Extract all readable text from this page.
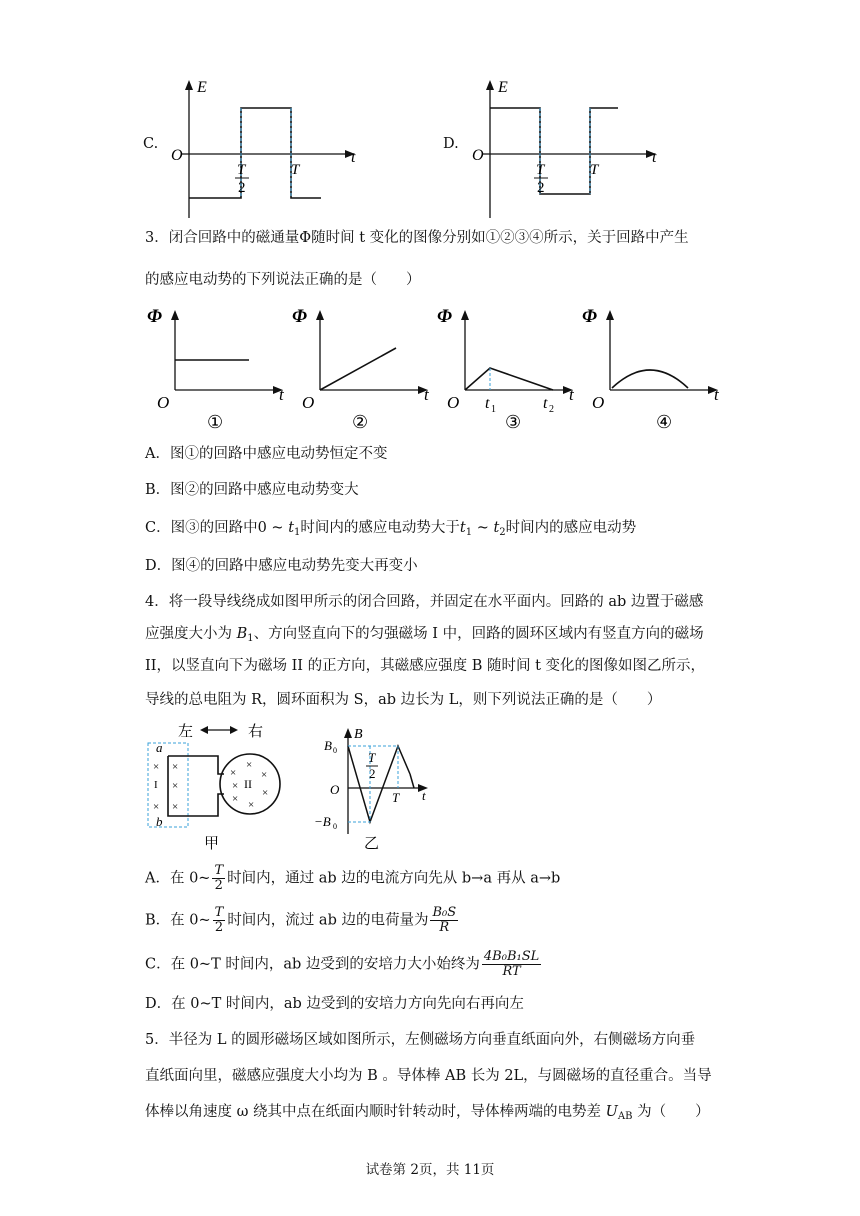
C.
E
t
O
T
2
T
D.
E
t
O
T
2
T
3．闭合回路中的磁通量Φ随时间 t 变化的图像分别如①②③④所示，关于回路中产生
的感应电动势的下列说法正确的是（　　）
Φ
t
O
①
Φ
t
O
②
Φ
t
O t 1	t 2
③
Φ
t
O
④
A．图①的回路中感应电动势恒定不变
B．图②的回路中感应电动势变大
C．图③的回路中0 ~ $t_1$时间内的感应电动势大于$t_1$ ~ $t_2$时间内的感应电动势
D．图④的回路中感应电动势先变大再变小
4．将一段导线绕成如图甲所示的闭合回路，并固定在水平面内。回路的 ab 边置于磁感
应强度大小为 $B_1$、方向竖直向下的匀强磁场 I 中，回路的圆环区域内有竖直方向的磁场
II，以竖直向下为磁场 II 的正方向，其磁感应强度 B 随时间 t 变化的图像如图乙所示，
导线的总电阻为 R，圆环面积为 S，ab 边长为 L，则下列说法正确的是（　　）
左	右
a
b
I	II
×
×
×
×
×
×
×
×
× ×
×
×
甲
B
B 0
−B 0
O	t
T
2
T
乙
A．在 0~ $\frac{T}{2}$ 时间内，通过 ab 边的电流方向先从 b→a 再从 a→b
B．在 0~ $\frac{T}{2}$ 时间内，流过 ab 边的电荷量为 $\frac{\text{B₀S}}{R}$
C．在 0~T 时间内，ab 边受到的安培力大小始终为 $\frac{\text{4B₀B₁SL}}{RT}$
D．在 0~T 时间内，ab 边受到的安培力方向先向右再向左
5．半径为 L 的圆形磁场区域如图所示，左侧磁场方向垂直纸面向外，右侧磁场方向垂
直纸面向里，磁感应强度大小均为 B 。导体棒 AB 长为 2L，与圆磁场的直径重合。当导
体棒以角速度 ω 绕其中点在纸面内顺时针转动时，导体棒两端的电势差 $U_{AB}$ 为（　　）
试卷第 2页，共 11页
